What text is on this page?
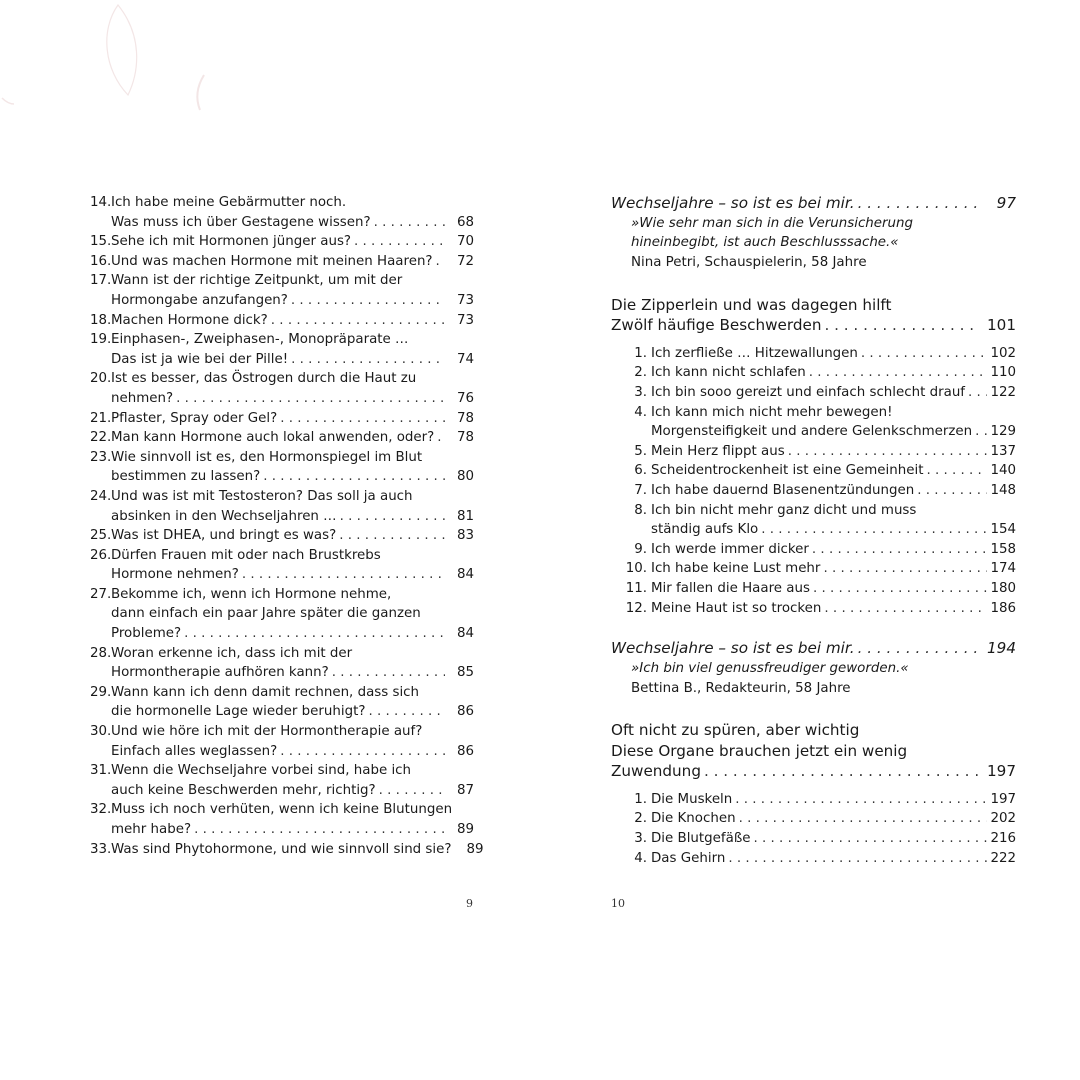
14. Ich habe meine Gebärmutter noch.
Was muss ich über Gestagene wissen? . . .	68
15. Sehe ich mit Hormonen jünger aus? . . .	70
16. Und was machen Hormone mit meinen Haaren? . . .	72
17. Wann ist der richtige Zeitpunkt, um mit der
Hormongabe anzufangen? . . .	73
18. Machen Hormone dick? . . .	73
19. Einphasen-, Zweiphasen-, Monopräparate …
Das ist ja wie bei der Pille! . . .	74
20. Ist es besser, das Östrogen durch die Haut zu
nehmen? . . .	76
21. Pflaster, Spray oder Gel? . . .	78
22. Man kann Hormone auch lokal anwenden, oder? . . .	78
23. Wie sinnvoll ist es, den Hormonspiegel im Blut
bestimmen zu lassen? . . .	80
24. Und was ist mit Testosteron? Das soll ja auch
absinken in den Wechseljahren … . . .	81
25. Was ist DHEA, und bringt es was? . . .	83
26. Dürfen Frauen mit oder nach Brustkrebs
Hormone nehmen? . . .	84
27. Bekomme ich, wenn ich Hormone nehme,
dann einfach ein paar Jahre später die ganzen
Probleme? . . .	84
28. Woran erkenne ich, dass ich mit der
Hormontherapie aufhören kann? . . .	85
29. Wann kann ich denn damit rechnen, dass sich
die hormonelle Lage wieder beruhigt? . . .	86
30. Und wie höre ich mit der Hormontherapie auf?
Einfach alles weglassen? . . .	86
31. Wenn die Wechseljahre vorbei sind, habe ich
auch keine Beschwerden mehr, richtig? . . .	87
32. Muss ich noch verhüten, wenn ich keine Blutungen
mehr habe? . . .	89
33. Was sind Phytohormone, und wie sinnvoll sind sie?	89
9
Wechseljahre – so ist es bei mir. . . .	97
»Wie sehr man sich in die Verunsicherung
hineinbegibt, ist auch Beschlusssache.«
Nina Petri, Schauspielerin, 58 Jahre
Die Zipperlein und was dagegen hilft
Zwölf häufige Beschwerden . . .	101
1. Ich zerfließe … Hitzewallungen . . .	102
2. Ich kann nicht schlafen . . .	110
3. Ich bin sooo gereizt und einfach schlecht drauf . . . 122
4. Ich kann mich nicht mehr bewegen!
Morgensteifigkeit und andere Gelenkschmerzen . . . 129
5. Mein Herz flippt aus . . .	137
6. Scheidentrockenheit ist eine Gemeinheit . . .	140
7. Ich habe dauernd Blasenentzündungen . . .	148
8. Ich bin nicht mehr ganz dicht und muss
ständig aufs Klo . . .	154
9. Ich werde immer dicker . . .	158
10. Ich habe keine Lust mehr . . .	174
11. Mir fallen die Haare aus . . .	180
12. Meine Haut ist so trocken . . .	186
Wechseljahre – so ist es bei mir. . . .	194
»Ich bin viel genussfreudiger geworden.«
Bettina B., Redakteurin, 58 Jahre
Oft nicht zu spüren, aber wichtig
Diese Organe brauchen jetzt ein wenig
Zuwendung . . .	197
1. Die Muskeln . . .	197
2. Die Knochen . . .	202
3. Die Blutgefäße . . .	216
4. Das Gehirn . . .	222
10
